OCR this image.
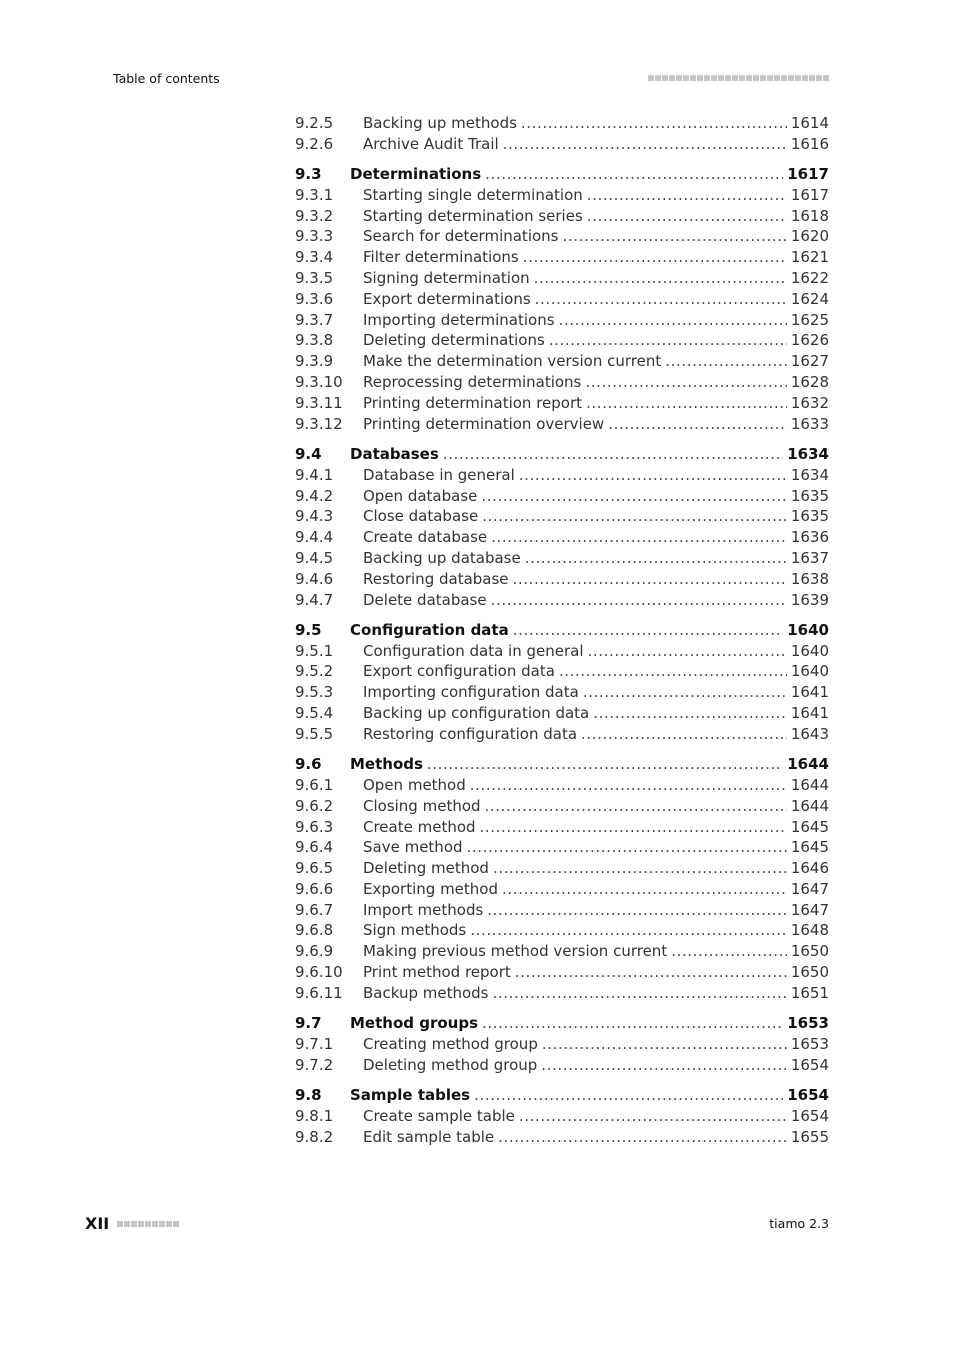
Table of contents
9.2.5	Backing up methods .....	1614
9.2.6	Archive Audit Trail .....	1616
9.3	Determinations .....	1617
9.3.1	Starting single determination .....	1617
9.3.2	Starting determination series .....	1618
9.3.3	Search for determinations .....	1620
9.3.4	Filter determinations .....	1621
9.3.5	Signing determination .....	1622
9.3.6	Export determinations .....	1624
9.3.7	Importing determinations .....	1625
9.3.8	Deleting determinations .....	1626
9.3.9	Make the determination version current .....	1627
9.3.10	Reprocessing determinations .....	1628
9.3.11	Printing determination report .....	1632
9.3.12	Printing determination overview .....	1633
9.4	Databases .....	1634
9.4.1	Database in general .....	1634
9.4.2	Open database .....	1635
9.4.3	Close database .....	1635
9.4.4	Create database .....	1636
9.4.5	Backing up database .....	1637
9.4.6	Restoring database .....	1638
9.4.7	Delete database .....	1639
9.5	Configuration data .....	1640
9.5.1	Configuration data in general .....	1640
9.5.2	Export configuration data .....	1640
9.5.3	Importing configuration data .....	1641
9.5.4	Backing up configuration data .....	1641
9.5.5	Restoring configuration data .....	1643
9.6	Methods .....	1644
9.6.1	Open method .....	1644
9.6.2	Closing method .....	1644
9.6.3	Create method .....	1645
9.6.4	Save method .....	1645
9.6.5	Deleting method .....	1646
9.6.6	Exporting method .....	1647
9.6.7	Import methods .....	1647
9.6.8	Sign methods .....	1648
9.6.9	Making previous method version current .....	1650
9.6.10	Print method report .....	1650
9.6.11	Backup methods .....	1651
9.7	Method groups .....	1653
9.7.1	Creating method group .....	1653
9.7.2	Deleting method group .....	1654
9.8	Sample tables .....	1654
9.8.1	Create sample table .....	1654
9.8.2	Edit sample table .....	1655
XII	tiamo 2.3
